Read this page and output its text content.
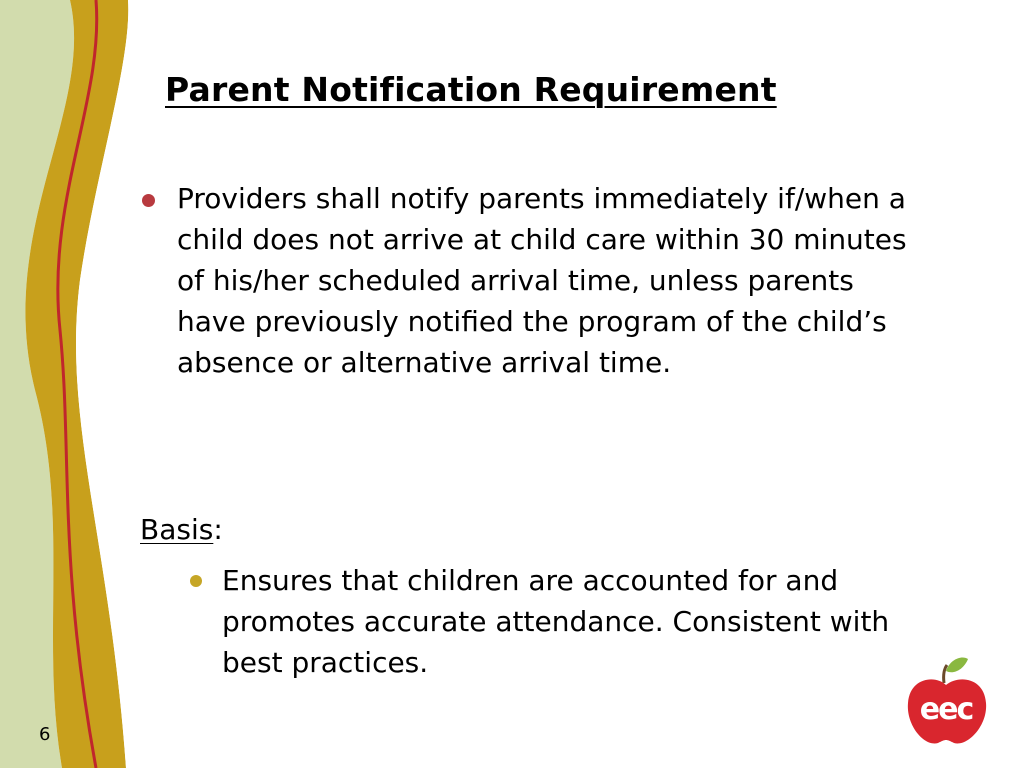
Parent Notification Requirement
Providers shall notify parents immediately if/when a child does not arrive at child care within 30 minutes of his/her scheduled arrival time, unless parents have previously notified the program of the child’s absence or alternative arrival time.
Basis:
Ensures that children are accounted for and promotes accurate attendance. Consistent with best practices.
6
eec
